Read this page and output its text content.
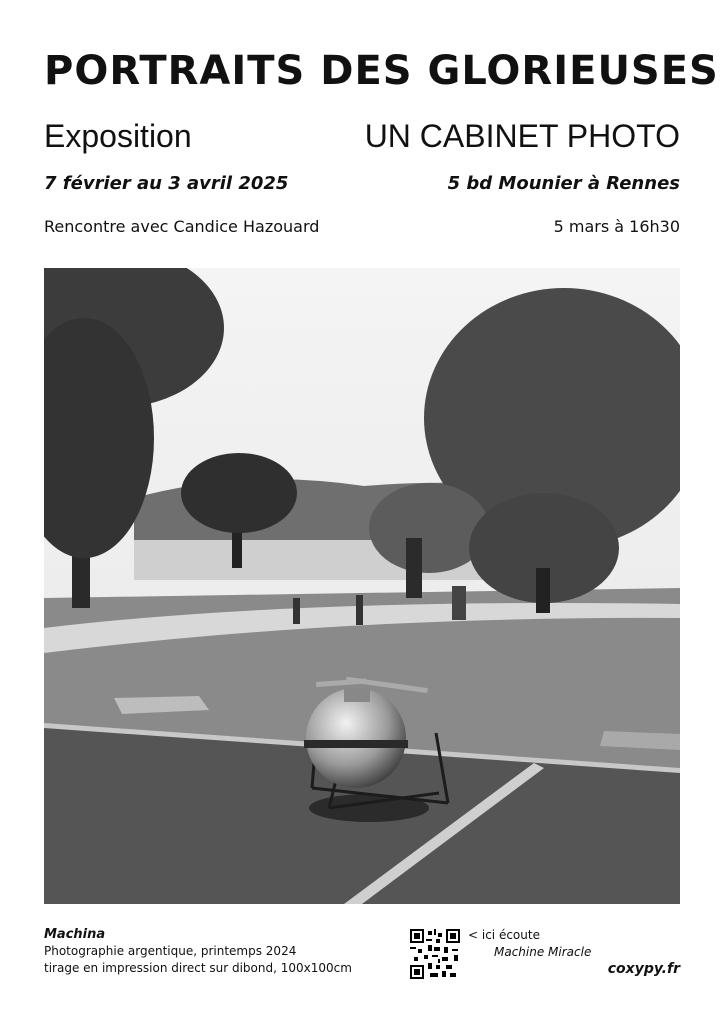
PORTRAITS DES GLORIEUSES
Exposition	UN CABINET PHOTO
7 février au 3 avril 2025	5 bd Mounier à Rennes
Rencontre avec Candice Hazouard	5 mars à 16h30
Machina
Photographie argentique, printemps 2024
tirage en impression direct sur dibond, 100x100cm
< ici écoute
Machine Miracle
coxypy.fr
